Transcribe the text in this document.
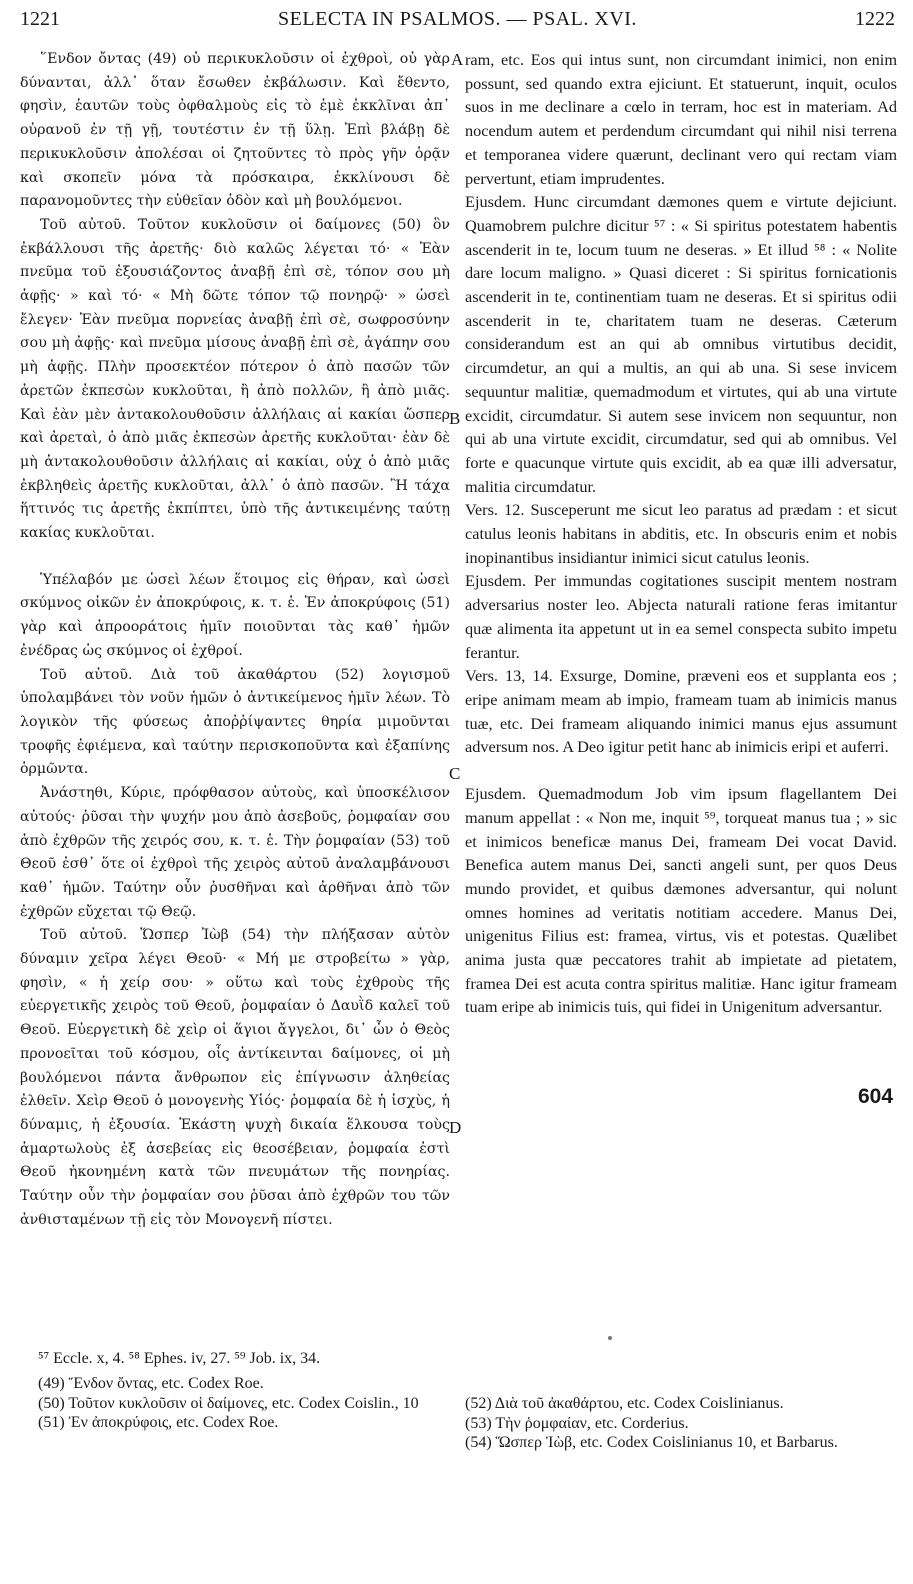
1221	SELECTA IN PSALMOS. — PSAL. XVI.	1222

῞Ενδον ὄντας (49) οὐ περικυκλοῦσιν οἱ ἐχθροὶ, οὐ γὰρ δύνανται, ἀλλ᾿ ὅταν ἔσωθεν ἐκβάλωσιν. Καὶ ἔθεντο, φησὶν, ἑαυτῶν τοὺς ὀφθαλμοὺς εἰς τὸ ἐμὲ ἐκκλῖναι ἀπ᾿ οὐρανοῦ ἐν τῇ γῇ, τουτέστιν ἐν τῇ ὕλῃ. Ἐπὶ βλάβῃ δὲ περικυκλοῦσιν ἀπολέσαι οἱ ζητοῦντες τὸ πρὸς γῆν ὁρᾷν καὶ σκοπεῖν μόνα τὰ πρόσκαιρα, ἐκκλίνουσι δὲ παρανομοῦντες τὴν εὐθεῖαν ὁδὸν καὶ μὴ βουλόμενοι.

Τοῦ αὐτοῦ. Τοῦτον κυκλοῦσιν οἱ δαίμονες (50) ὃν ἐκβάλλουσι τῆς ἀρετῆς· διὸ καλῶς λέγεται τό· « Ἐὰν πνεῦμα τοῦ ἐξουσιάζοντος ἀναβῇ ἐπὶ σὲ, τόπον σου μὴ ἀφῇς· » καὶ τό· « Μὴ δῶτε τόπον τῷ πονηρῷ· » ὡσεὶ ἔλεγεν· Ἐὰν πνεῦμα πορνείας ἀναβῇ ἐπὶ σὲ, σωφροσύνην σου μὴ ἀφῇς· καὶ πνεῦμα μίσους ἀναβῇ ἐπὶ σὲ, ἀγάπην σου μὴ ἀφῇς. Πλὴν προσεκτέον πότερον ὁ ἀπὸ πασῶν τῶν ἀρετῶν ἐκπεσὼν κυκλοῦται, ἢ ἀπὸ πολλῶν, ἢ ἀπὸ μιᾶς. Καὶ ἐὰν μὲν ἀντακολουθοῦσιν ἀλλήλαις αἱ κακίαι ὥσπερ καὶ ἀρεταὶ, ὁ ἀπὸ μιᾶς ἐκπεσὼν ἀρετῆς κυκλοῦται· ἐὰν δὲ μὴ ἀντακολουθοῦσιν ἀλλήλαις αἱ κακίαι, οὐχ ὁ ἀπὸ μιᾶς ἐκβληθεὶς ἀρετῆς κυκλοῦται, ἀλλ᾿ ὁ ἀπὸ πασῶν. Ἢ τάχα ἥττινός τις ἀρετῆς ἐκπίπτει, ὑπὸ τῆς ἀντικειμένης ταύτῃ κακίας κυκλοῦται.

Ὑπέλαβόν με ὡσεὶ λέων ἕτοιμος εἰς θήραν, καὶ ὡσεὶ σκύμνος οἰκῶν ἐν ἀποκρύφοις, κ. τ. ἑ. Ἐν ἀποκρύφοις (51) γὰρ καὶ ἀπροοράτοις ἡμῖν ποιοῦνται τὰς καθ᾿ ἡμῶν ἐνέδρας ὡς σκύμνος οἱ ἐχθροί.

Τοῦ αὐτοῦ. Διὰ τοῦ ἀκαθάρτου (52) λογισμοῦ ὑπολαμβάνει τὸν νοῦν ἡμῶν ὁ ἀντικείμενος ἡμῖν λέων. Τὸ λογικὸν τῆς φύσεως ἀποῤῥίψαντες θηρία μιμοῦνται τροφῆς ἐφιέμενα, καὶ ταύτην περισκοποῦντα καὶ ἐξαπίνης ὁρμῶντα.

Ἀνάστηθι, Κύριε, πρόφθασον αὐτοὺς, καὶ ὑποσκέλισον αὐτούς· ῥῦσαι τὴν ψυχήν μου ἀπὸ ἀσεβοῦς, ῥομφαίαν σου ἀπὸ ἐχθρῶν τῆς χειρός σου, κ. τ. ἑ. Τὴν ῥομφαίαν (53) τοῦ Θεοῦ ἐσθ᾿ ὅτε οἱ ἐχθροὶ τῆς χειρὸς αὐτοῦ ἀναλαμβάνουσι καθ᾿ ἡμῶν. Ταύτην οὖν ῥυσθῆναι καὶ ἀρθῆναι ἀπὸ τῶν ἐχθρῶν εὔχεται τῷ Θεῷ.

Τοῦ αὐτοῦ. Ὥσπερ Ἰὼβ (54) τὴν πλήξασαν αὐτὸν δύναμιν χεῖρα λέγει Θεοῦ· « Μή με στροβείτω » γὰρ, φησὶν, « ἡ χείρ σου· » οὕτω καὶ τοὺς ἐχθροὺς τῆς εὐεργετικῆς χειρὸς τοῦ Θεοῦ, ῥομφαίαν ὁ Δαυῒδ καλεῖ τοῦ Θεοῦ. Εὐεργετικὴ δὲ χεὶρ οἱ ἅγιοι ἄγγελοι, δι᾿ ὧν ὁ Θεὸς προνοεῖται τοῦ κόσμου, οἷς ἀντίκεινται δαίμονες, οἱ μὴ βουλόμενοι πάντα ἄνθρωπον εἰς ἐπίγνωσιν ἀληθείας ἐλθεῖν. Χεὶρ Θεοῦ ὁ μονογενὴς Υἱός· ῥομφαία δὲ ἡ ἰσχὺς, ἡ δύναμις, ἡ ἐξουσία. Ἑκάστη ψυχὴ δικαία ἕλκουσα τοὺς ἁμαρτωλοὺς ἐξ ἀσεβείας εἰς θεοσέβειαν, ῥομφαία ἐστὶ Θεοῦ ἠκονημένη κατὰ τῶν πνευμάτων τῆς πονηρίας. Ταύτην οὖν τὴν ῥομφαίαν σου ῥῦσαι ἀπὸ ἐχθρῶν του τῶν ἀνθισταμένων τῇ εἰς τὸν Μονογενῆ πίστει.

A
B
C
D

ram, etc. Eos qui intus sunt, non circumdant inimici, non enim possunt, sed quando extra ejiciunt. Et statuerunt, inquit, oculos suos in me declinare a cœlo in terram, hoc est in materiam. Ad nocendum autem et perdendum circumdant qui nihil nisi terrena et temporanea videre quærunt, declinant vero qui rectam viam pervertunt, etiam imprudentes.

Ejusdem. Hunc circumdant dæmones quem e virtute dejiciunt. Quamobrem pulchre dicitur ⁵⁷ : « Si spiritus potestatem habentis ascenderit in te, locum tuum ne deseras. » Et illud ⁵⁸ : « Nolite dare locum maligno. » Quasi diceret : Si spiritus fornicationis ascenderit in te, continentiam tuam ne deseras. Et si spiritus odii ascenderit in te, charitatem tuam ne deseras. Cæterum considerandum est an qui ab omnibus virtutibus decidit, circumdetur, an qui a multis, an qui ab una. Si sese invicem sequuntur malitiæ, quemadmodum et virtutes, qui ab una virtute excidit, circumdatur. Si autem sese invicem non sequuntur, non qui ab una virtute excidit, circumdatur, sed qui ab omnibus. Vel forte e quacunque virtute quis excidit, ab ea quæ illi adversatur, malitia circumdatur.

Vers. 12. Susceperunt me sicut leo paratus ad prædam : et sicut catulus leonis habitans in abditis, etc. In obscuris enim et nobis inopinantibus insidiantur inimici sicut catulus leonis.

Ejusdem. Per immundas cogitationes suscipit mentem nostram adversarius noster leo. Abjecta naturali ratione feras imitantur quæ alimenta ita appetunt ut in ea semel conspecta subito impetu ferantur.

Vers. 13, 14. Exsurge, Domine, præveni eos et supplanta eos ; eripe animam meam ab impio, frameam tuam ab inimicis manus tuæ, etc. Dei frameam aliquando inimici manus ejus assumunt adversum nos. A Deo igitur petit hanc ab inimicis eripi et auferri.

Ejusdem. Quemadmodum Job vim ipsum flagellantem Dei manum appellat : « Non me, inquit ⁵⁹, torqueat manus tua ; » sic et inimicos beneficæ manus Dei, frameam Dei vocat David. Benefica autem manus Dei, sancti angeli sunt, per quos Deus mundo providet, et quibus dæmones adversantur, qui nolunt omnes homines ad veritatis notitiam accedere. Manus Dei, unigenitus Filius est: framea, virtus, vis et potestas. Quælibet anima justa quæ peccatores trahit ab impietate ad pietatem, framea Dei est acuta contra spiritus malitiæ. Hanc igitur frameam tuam eripe ab inimicis tuis, qui fidei in Unigenitum adversantur.

604
⁵⁷ Eccle. x, 4. ⁵⁸ Ephes. iv, 27. ⁵⁹ Job. ix, 34.
(49) Ἔνδον ὄντας, etc. Codex Roe.
(50) Τοῦτον κυκλοῦσιν οἱ δαίμονες, etc. Codex Coislin., 10
(51) Ἐν ἀποκρύφοις, etc. Codex Roe.
(52) Διὰ τοῦ ἀκαθάρτου, etc. Codex Coislinianus.
(53) Τὴν ῥομφαίαν, etc. Corderius.
(54) Ὥσπερ Ἰὼβ, etc. Codex Coislinianus 10, et Barbarus.
